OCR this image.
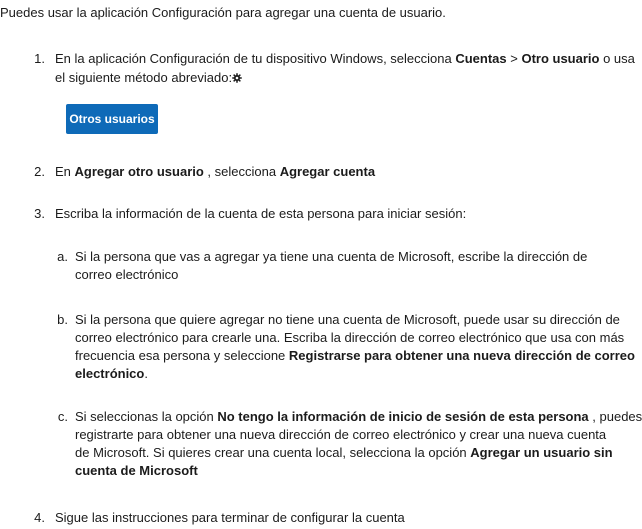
Puedes usar la aplicación Configuración para agregar una cuenta de usuario.
1. En la aplicación Configuración de tu dispositivo Windows, selecciona Cuentas > Otro usuario o usa
el siguiente método abreviado:
Otros usuarios
2. En Agregar otro usuario , selecciona Agregar cuenta
3. Escriba la información de la cuenta de esta persona para iniciar sesión:
a. Si la persona que vas a agregar ya tiene una cuenta de Microsoft, escribe la dirección de
correo electrónico
b. Si la persona que quiere agregar no tiene una cuenta de Microsoft, puede usar su dirección de
correo electrónico para crearle una. Escriba la dirección de correo electrónico que usa con más
frecuencia esa persona y seleccione Registrarse para obtener una nueva dirección de correo
electrónico.
c. Si seleccionas la opción No tengo la información de inicio de sesión de esta persona , puedes
registrarte para obtener una nueva dirección de correo electrónico y crear una nueva cuenta
de Microsoft. Si quieres crear una cuenta local, selecciona la opción Agregar un usuario sin
cuenta de Microsoft
4. Sigue las instrucciones para terminar de configurar la cuenta
